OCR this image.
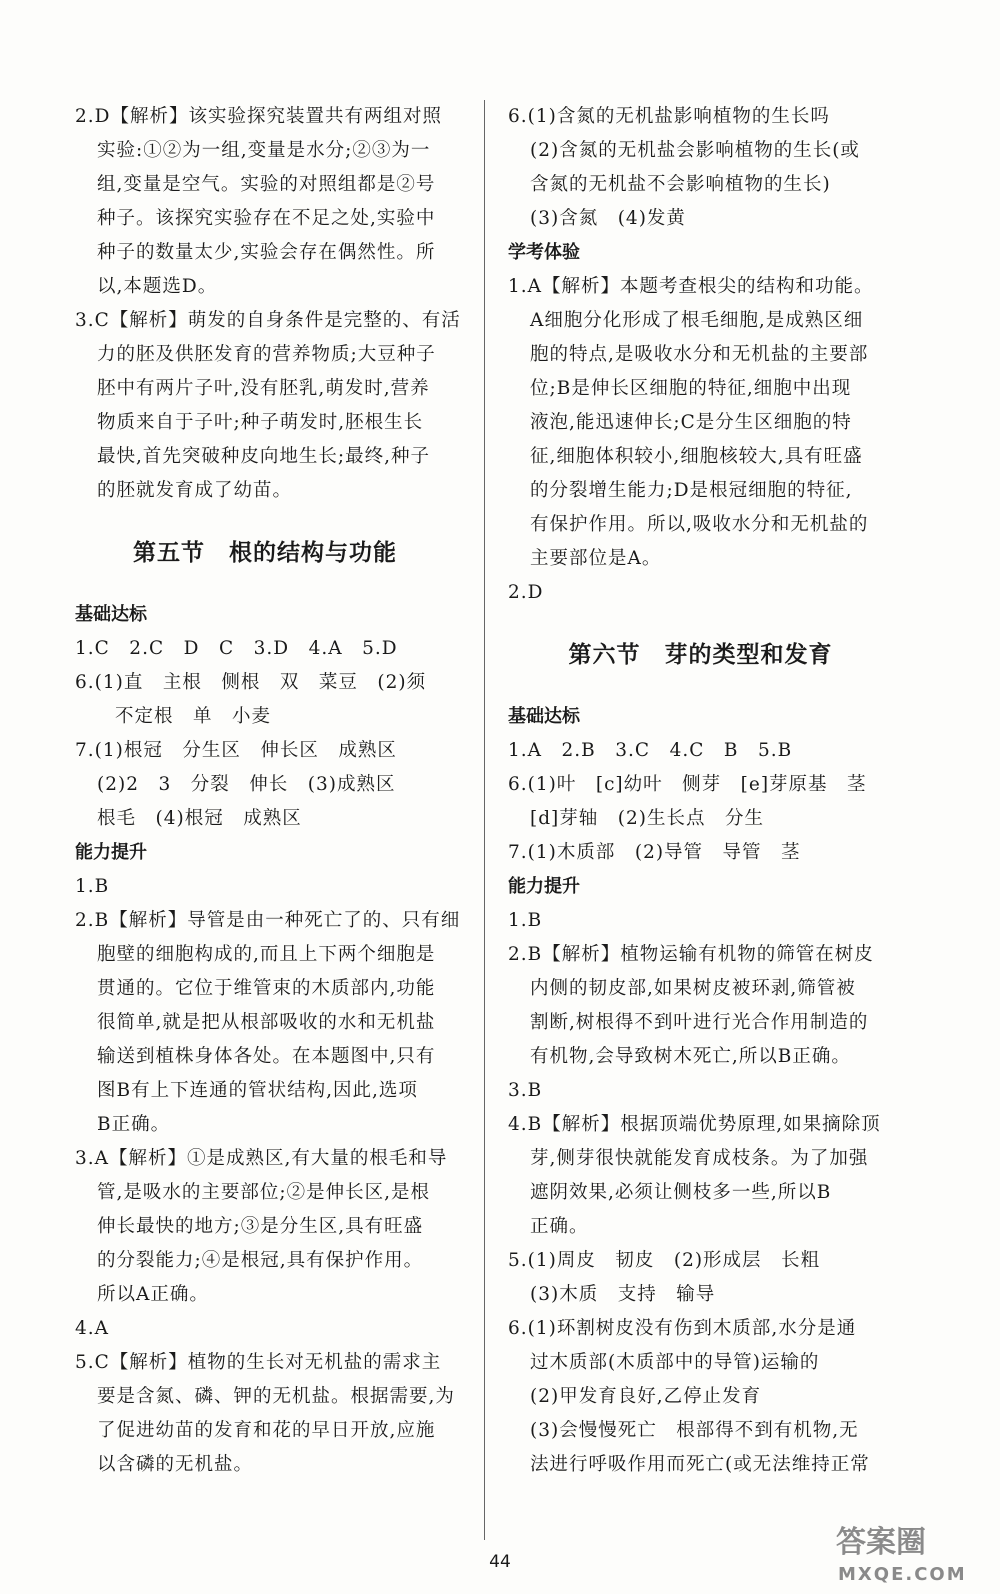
2.D【解析】该实验探究装置共有两组对照
实验:①②为一组,变量是水分;②③为一
组,变量是空气。实验的对照组都是②号
种子。该探究实验存在不足之处,实验中
种子的数量太少,实验会存在偶然性。所
以,本题选D。
3.C【解析】萌发的自身条件是完整的、有活
力的胚及供胚发育的营养物质;大豆种子
胚中有两片子叶,没有胚乳,萌发时,营养
物质来自于子叶;种子萌发时,胚根生长
最快,首先突破种皮向地生长;最终,种子
的胚就发育成了幼苗。
第五节　根的结构与功能
基础达标
1.C　2.C　D　C　3.D　4.A　5.D
6.(1)直　主根　侧根　双　菜豆　(2)须
不定根　单　小麦
7.(1)根冠　分生区　伸长区　成熟区
(2)2　3　分裂　伸长　(3)成熟区
根毛　(4)根冠　成熟区
能力提升
1.B
2.B【解析】导管是由一种死亡了的、只有细
胞壁的细胞构成的,而且上下两个细胞是
贯通的。它位于维管束的木质部内,功能
很简单,就是把从根部吸收的水和无机盐
输送到植株身体各处。在本题图中,只有
图B有上下连通的管状结构,因此,选项
B正确。
3.A【解析】①是成熟区,有大量的根毛和导
管,是吸水的主要部位;②是伸长区,是根
伸长最快的地方;③是分生区,具有旺盛
的分裂能力;④是根冠,具有保护作用。
所以A正确。
4.A
5.C【解析】植物的生长对无机盐的需求主
要是含氮、磷、钾的无机盐。根据需要,为
了促进幼苗的发育和花的早日开放,应施
以含磷的无机盐。
6.(1)含氮的无机盐影响植物的生长吗
(2)含氮的无机盐会影响植物的生长(或
含氮的无机盐不会影响植物的生长)
(3)含氮　(4)发黄
学考体验
1.A【解析】本题考查根尖的结构和功能。
A细胞分化形成了根毛细胞,是成熟区细
胞的特点,是吸收水分和无机盐的主要部
位;B是伸长区细胞的特征,细胞中出现
液泡,能迅速伸长;C是分生区细胞的特
征,细胞体积较小,细胞核较大,具有旺盛
的分裂增生能力;D是根冠细胞的特征,
有保护作用。所以,吸收水分和无机盐的
主要部位是A。
2.D
第六节　芽的类型和发育
基础达标
1.A　2.B　3.C　4.C　B　5.B
6.(1)叶　[c]幼叶　侧芽　[e]芽原基　茎
[d]芽轴　(2)生长点　分生
7.(1)木质部　(2)导管　导管　茎
能力提升
1.B
2.B【解析】植物运输有机物的筛管在树皮
内侧的韧皮部,如果树皮被环剥,筛管被
割断,树根得不到叶进行光合作用制造的
有机物,会导致树木死亡,所以B正确。
3.B
4.B【解析】根据顶端优势原理,如果摘除顶
芽,侧芽很快就能发育成枝条。为了加强
遮阴效果,必须让侧枝多一些,所以B
正确。
5.(1)周皮　韧皮　(2)形成层　长粗
(3)木质　支持　输导
6.(1)环割树皮没有伤到木质部,水分是通
过木质部(木质部中的导管)运输的
(2)甲发育良好,乙停止发育
(3)会慢慢死亡　根部得不到有机物,无
法进行呼吸作用而死亡(或无法维持正常
44
答案圈
MXQE.COM
